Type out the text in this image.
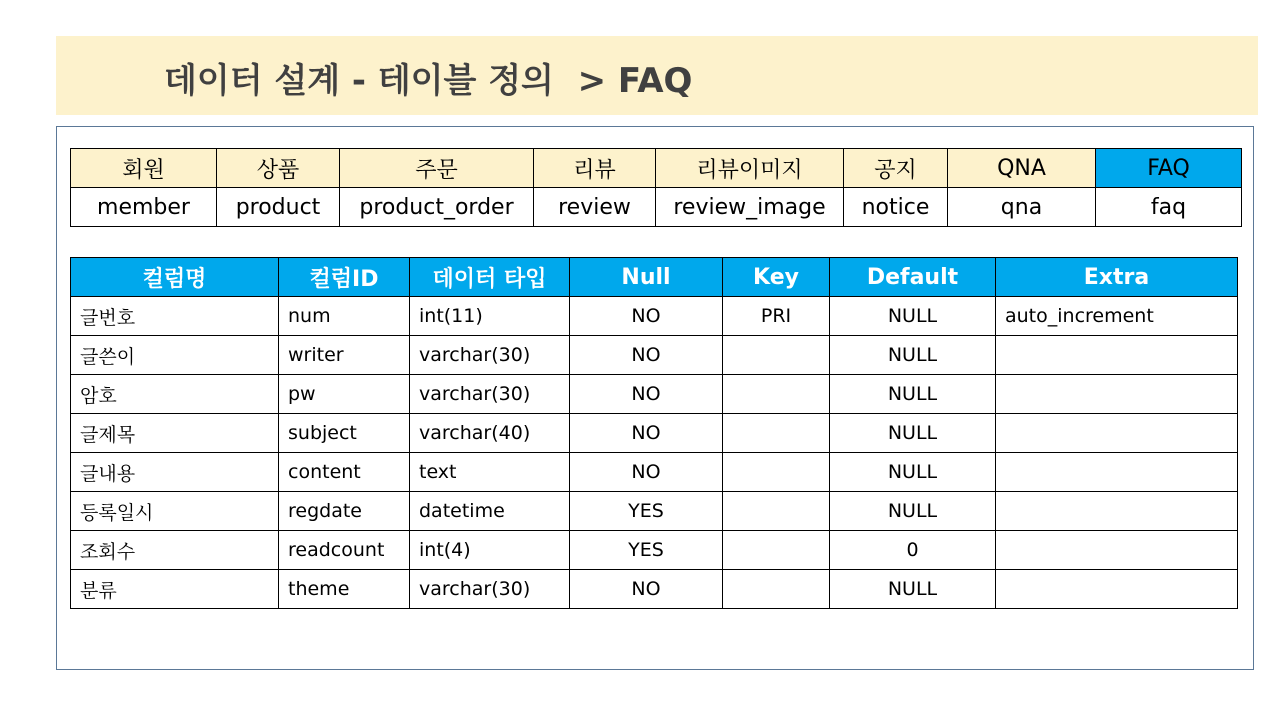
데이터 설계 - 테이블 정의  > FAQ
회원	상품	주문	리뷰	리뷰이미지	공지	QNA	FAQ
member	product	product_order	review	review_image	notice	qna	faq
컬럼명	컬럼ID	데이터 타입	Null	Key	Default	Extra
글번호	num	int(11)	NO	PRI	NULL	auto_increment
글쓴이	writer	varchar(30)	NO		NULL	
암호	pw	varchar(30)	NO		NULL	
글제목	subject	varchar(40)	NO		NULL	
글내용	content	text	NO		NULL	
등록일시	regdate	datetime	YES		NULL	
조회수	readcount	int(4)	YES		0	
분류	theme	varchar(30)	NO		NULL	
